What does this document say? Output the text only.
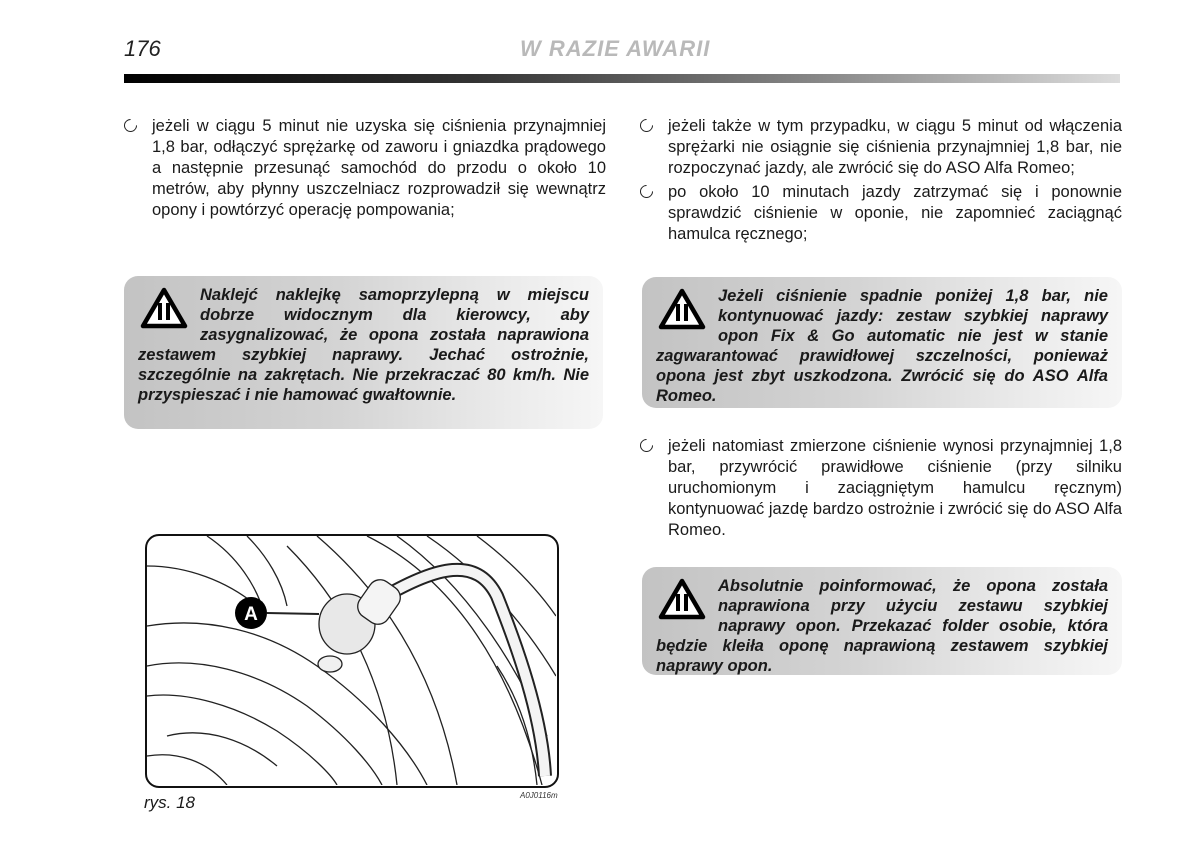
176	W RAZIE AWARII

jeżeli w ciągu 5 minut nie uzyska się ciśnienia przynajmniej 1,8 bar, odłączyć sprężarkę od zaworu i gniazdka prądowego a następnie przesunąć samochód do przodu o około 10 metrów, aby płynny uszczelniacz rozprowadził się wewnątrz opony i powtórzyć operację pompowania;

Naklejć naklejkę samoprzylepną w miejscu dobrze widocznym dla kierowcy, aby zasygnalizować, że opona została naprawiona zestawem szybkiej naprawy. Jechać ostrożnie, szczególnie na zakrętach. Nie przekraczać 80 km/h. Nie przyspieszać i nie hamować gwałtownie.
A
rys. 18	A0J0116m

jeżeli także w tym przypadku, w ciągu 5 minut od włączenia sprężarki nie osiągnie się ciśnienia przynajmniej 1,8 bar, nie rozpoczynać jazdy, ale zwrócić się do ASO Alfa Romeo;

po około 10 minutach jazdy zatrzymać się i ponownie sprawdzić ciśnienie w oponie, nie zapomnieć zaciągnąć hamulca ręcznego;

Jeżeli ciśnienie spadnie poniżej 1,8 bar, nie kontynuować jazdy: zestaw szybkiej naprawy opon Fix & Go automatic nie jest w stanie zagwarantować prawidłowej szczelności, ponieważ opona jest zbyt uszkodzona. Zwrócić się do ASO Alfa Romeo.

jeżeli natomiast zmierzone ciśnienie wynosi przynajmniej 1,8 bar, przywrócić prawidłowe ciśnienie (przy silniku uruchomionym i zaciągniętym hamulcu ręcznym) kontynuować jazdę bardzo ostrożnie i zwrócić się do ASO Alfa Romeo.

Absolutnie poinformować, że opona została naprawiona przy użyciu zestawu szybkiej naprawy opon. Przekazać folder osobie, która będzie kleiła oponę naprawioną zestawem szybkiej naprawy opon.
